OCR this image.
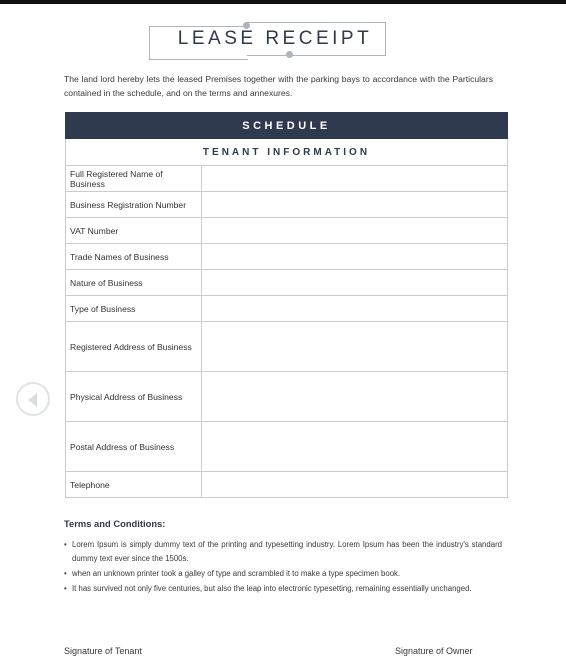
LEASE RECEIPT
The land lord hereby lets the leased Premises together with the parking bays to accordance with the Particulars contained in the schedule, and on the terms and annexures.
SCHEDULE	
TENANT INFORMATION	
Full Registered Name of Business	
Business Registration Number	
VAT Number	
Trade Names of Business	
Nature of Business	
Type of Business	
Registered Address of Business	
Physical Address of Business	
Postal Address of Business	
Telephone	
Terms and Conditions:
• Lorem Ipsum is simply dummy text of the printing and typesetting industry. Lorem Ipsum has been the industry's standard dummy text ever since the 1500s.
• when an unknown printer took a galley of type and scrambled it to make a type specimen book.
• It has survived not only five centuries, but also the leap into electronic typesetting, remaining essentially unchanged.
Signature of Tenant	Signature of Owner
